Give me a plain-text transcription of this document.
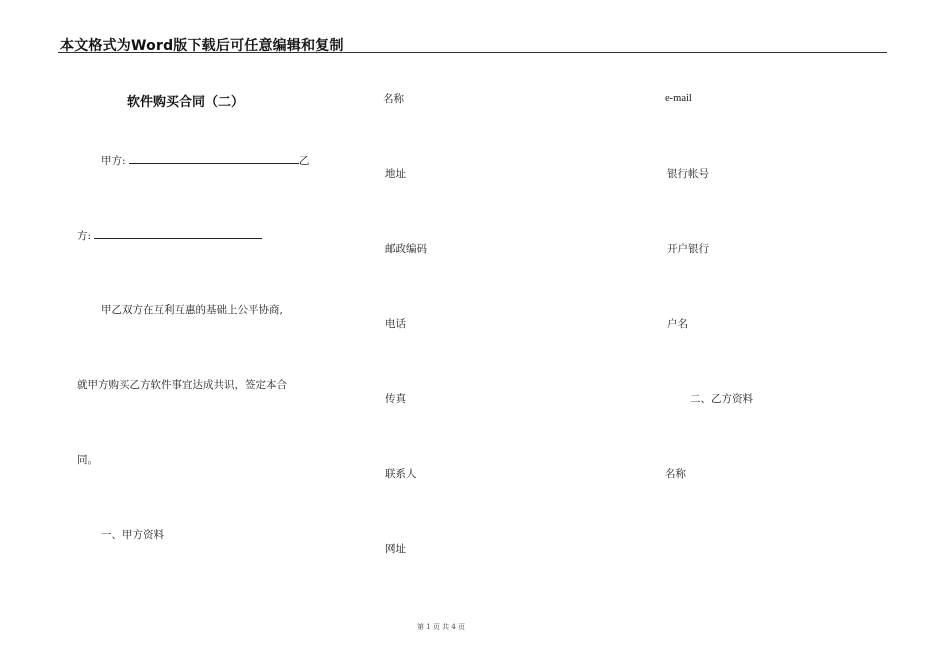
本文格式为Word版下载后可任意编辑和复制
软件购买合同（二）
甲方:	乙
方:
甲乙双方在互利互惠的基础上公平协商,
就甲方购买乙方软件事宜达成共识，签定本合
同。
一、甲方资料
名称
地址
邮政编码
电话
传真
联系人
网址
e-mail
银行帐号
开户银行
户名
二、乙方资料
名称
第 1 页 共 4 页
